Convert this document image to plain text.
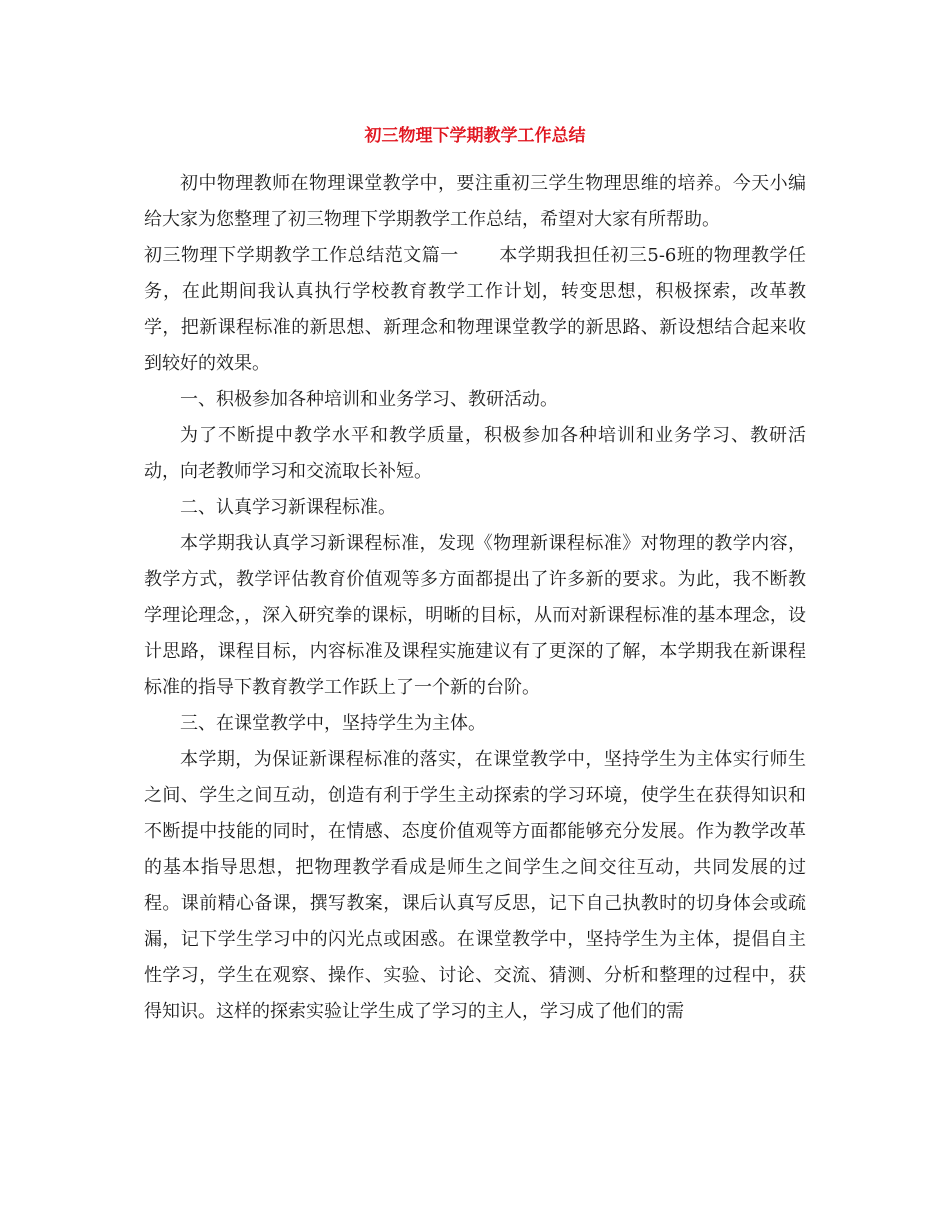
初三物理下学期教学工作总结

初中物理教师在物理课堂教学中，要注重初三学生物理思维的培养。今天小编给大家为您整理了初三物理下学期教学工作总结，希望对大家有所帮助。

初三物理下学期教学工作总结范文篇一 本学期我担任初三5-6班的物理教学任务，在此期间我认真执行学校教育教学工作计划，转变思想，积极探索，改革教学，把新课程标准的新思想、新理念和物理课堂教学的新思路、新设想结合起来收到较好的效果。

一、积极参加各种培训和业务学习、教研活动。

为了不断提中教学水平和教学质量，积极参加各种培训和业务学习、教研活动，向老教师学习和交流取长补短。

二、认真学习新课程标准。

本学期我认真学习新课程标准，发现《物理新课程标准》对物理的教学内容，教学方式，教学评估教育价值观等多方面都提出了许多新的要求。为此，我不断教学理论理念，，深入研究拳的课标，明晰的目标，从而对新课程标准的基本理念，设计思路，课程目标，内容标准及课程实施建议有了更深的了解，本学期我在新课程标准的指导下教育教学工作跃上了一个新的台阶。

三、在课堂教学中，坚持学生为主体。

本学期，为保证新课程标准的落实，在课堂教学中，坚持学生为主体实行师生之间、学生之间互动，创造有利于学生主动探索的学习环境，使学生在获得知识和不断提中技能的同时，在情感、态度价值观等方面都能够充分发展。作为教学改革的基本指导思想，把物理教学看成是师生之间学生之间交往互动，共同发展的过程。课前精心备课，撰写教案，课后认真写反思，记下自己执教时的切身体会或疏漏，记下学生学习中的闪光点或困惑。在课堂教学中，坚持学生为主体，提倡自主性学习，学生在观察、操作、实验、讨论、交流、猜测、分析和整理的过程中，获得知识。这样的探索实验让学生成了学习的主人，学习成了他们的需
